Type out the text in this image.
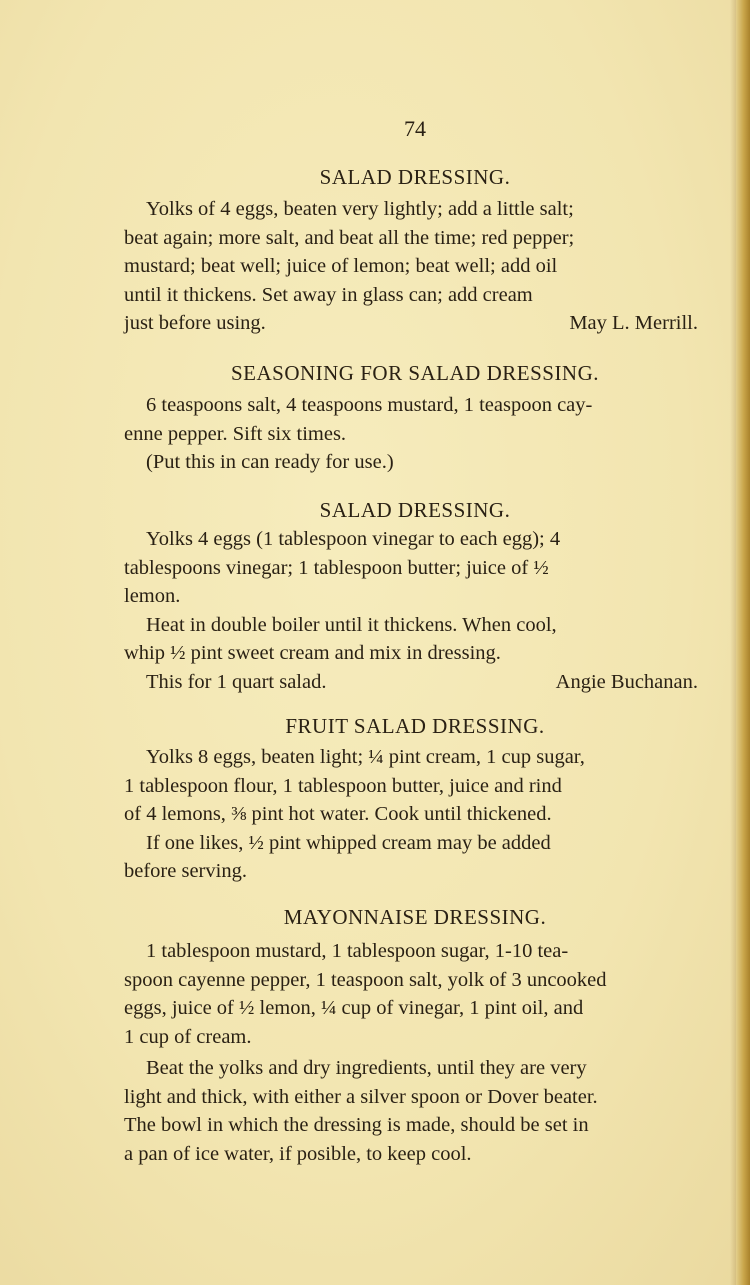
74
SALAD DRESSING.
Yolks of 4 eggs, beaten very lightly; add a little salt;
beat again; more salt, and beat all the time; red pepper;
mustard; beat well; juice of lemon; beat well; add oil
until it thickens. Set away in glass can; add cream
just before using.	May L. Merrill.
SEASONING FOR SALAD DRESSING.
6 teaspoons salt, 4 teaspoons mustard, 1 teaspoon cay-
enne pepper. Sift six times.
(Put this in can ready for use.)
SALAD DRESSING.
Yolks 4 eggs (1 tablespoon vinegar to each egg); 4
tablespoons vinegar; 1 tablespoon butter; juice of ½
lemon.
Heat in double boiler until it thickens. When cool,
whip ½ pint sweet cream and mix in dressing.
This for 1 quart salad.	Angie Buchanan.
FRUIT SALAD DRESSING.
Yolks 8 eggs, beaten light; ¼ pint cream, 1 cup sugar,
1 tablespoon flour, 1 tablespoon butter, juice and rind
of 4 lemons, ⅜ pint hot water. Cook until thickened.
If one likes, ½ pint whipped cream may be added
before serving.
MAYONNAISE DRESSING.
1 tablespoon mustard, 1 tablespoon sugar, 1-10 tea-
spoon cayenne pepper, 1 teaspoon salt, yolk of 3 uncooked
eggs, juice of ½ lemon, ¼ cup of vinegar, 1 pint oil, and
1 cup of cream.
Beat the yolks and dry ingredients, until they are very
light and thick, with either a silver spoon or Dover beater.
The bowl in which the dressing is made, should be set in
a pan of ice water, if posible, to keep cool.
